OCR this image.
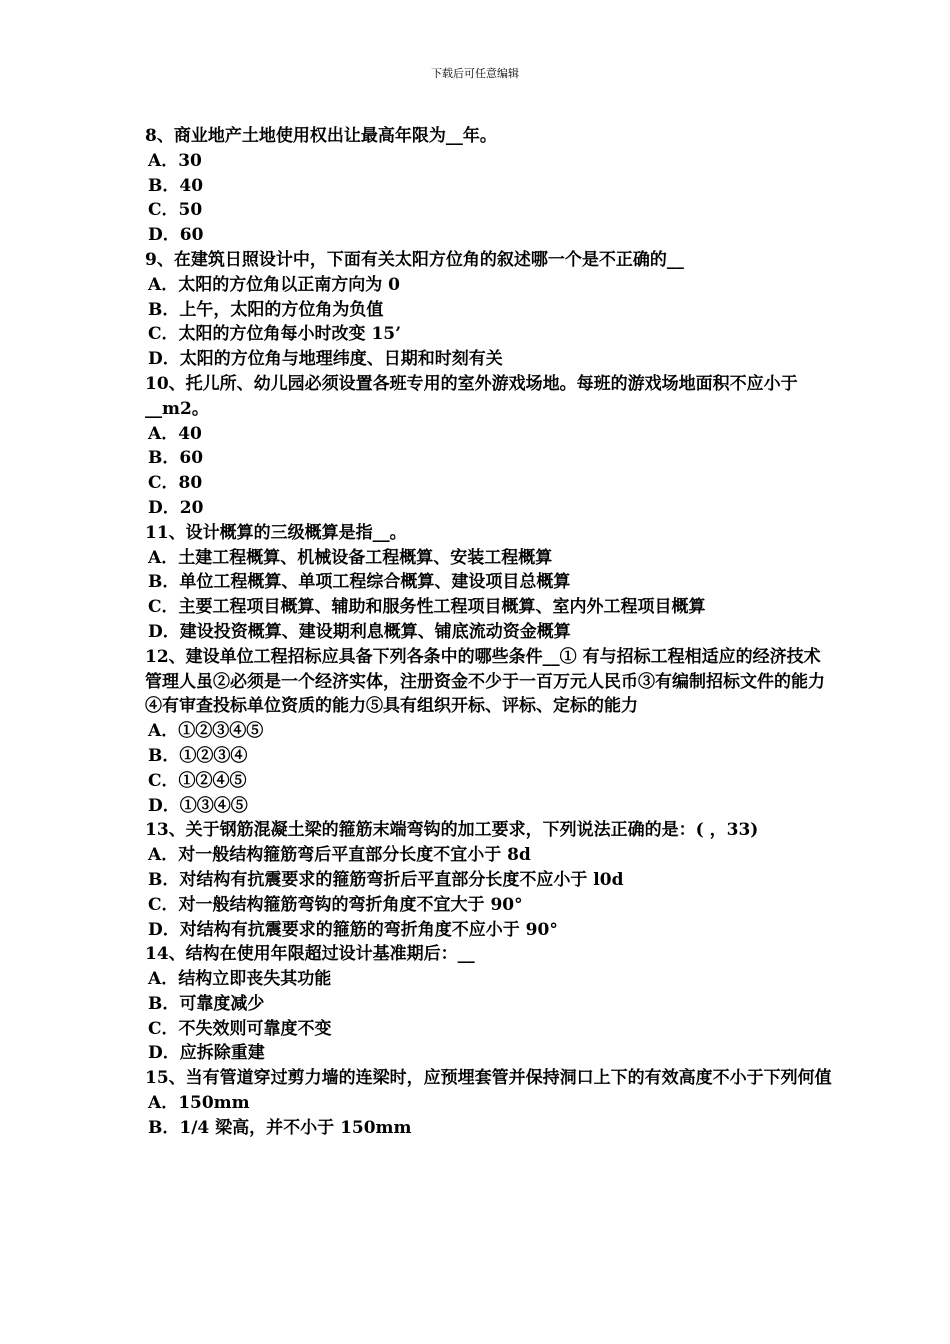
下载后可任意编辑

8、商业地产土地使用权出让最高年限为__年。

A．30

B．40

C．50

D．60

9、在建筑日照设计中，下面有关太阳方位角的叙述哪一个是不正确的__

A．太阳的方位角以正南方向为 0

B．上午，太阳的方位角为负值

C．太阳的方位角每小时改变 15’

D．太阳的方位角与地理纬度、日期和时刻有关

10、托儿所、幼儿园必须设置各班专用的室外游戏场地。每班的游戏场地面积不应小于__m2。

A．40

B．60

C．80

D．20

11、设计概算的三级概算是指__。

A．土建工程概算、机械设备工程概算、安装工程概算

B．单位工程概算、单项工程综合概算、建设项目总概算

C．主要工程项目概算、辅助和服务性工程项目概算、室内外工程项目概算

D．建设投资概算、建设期利息概算、铺底流动资金概算

12、建设单位工程招标应具备下列各条中的哪些条件__① 有与招标工程相适应的经济技术管理人虽②必须是一个经济实体，注册资金不少于一百万元人民币③有编制招标文件的能力④有审查投标单位资质的能力⑤具有组织开标、评标、定标的能力

A．①②③④⑤

B．①②③④

C．①②④⑤

D．①③④⑤

13、关于钢筋混凝土梁的箍筋末端弯钩的加工要求，下列说法正确的是：( ，33)

A．对一般结构箍筋弯后平直部分长度不宜小于 8d

B．对结构有抗震要求的箍筋弯折后平直部分长度不应小于 l0d

C．对一般结构箍筋弯钩的弯折角度不宜大于 90°

D．对结构有抗震要求的箍筋的弯折角度不应小于 90°

14、结构在使用年限超过设计基准期后：__

A．结构立即丧失其功能

B．可靠度减少

C．不失效则可靠度不变

D．应拆除重建

15、当有管道穿过剪力墙的连梁时，应预埋套管并保持洞口上下的有效高度不小于下列何值

A．150mm

B．1/4 梁高，并不小于 150mm
